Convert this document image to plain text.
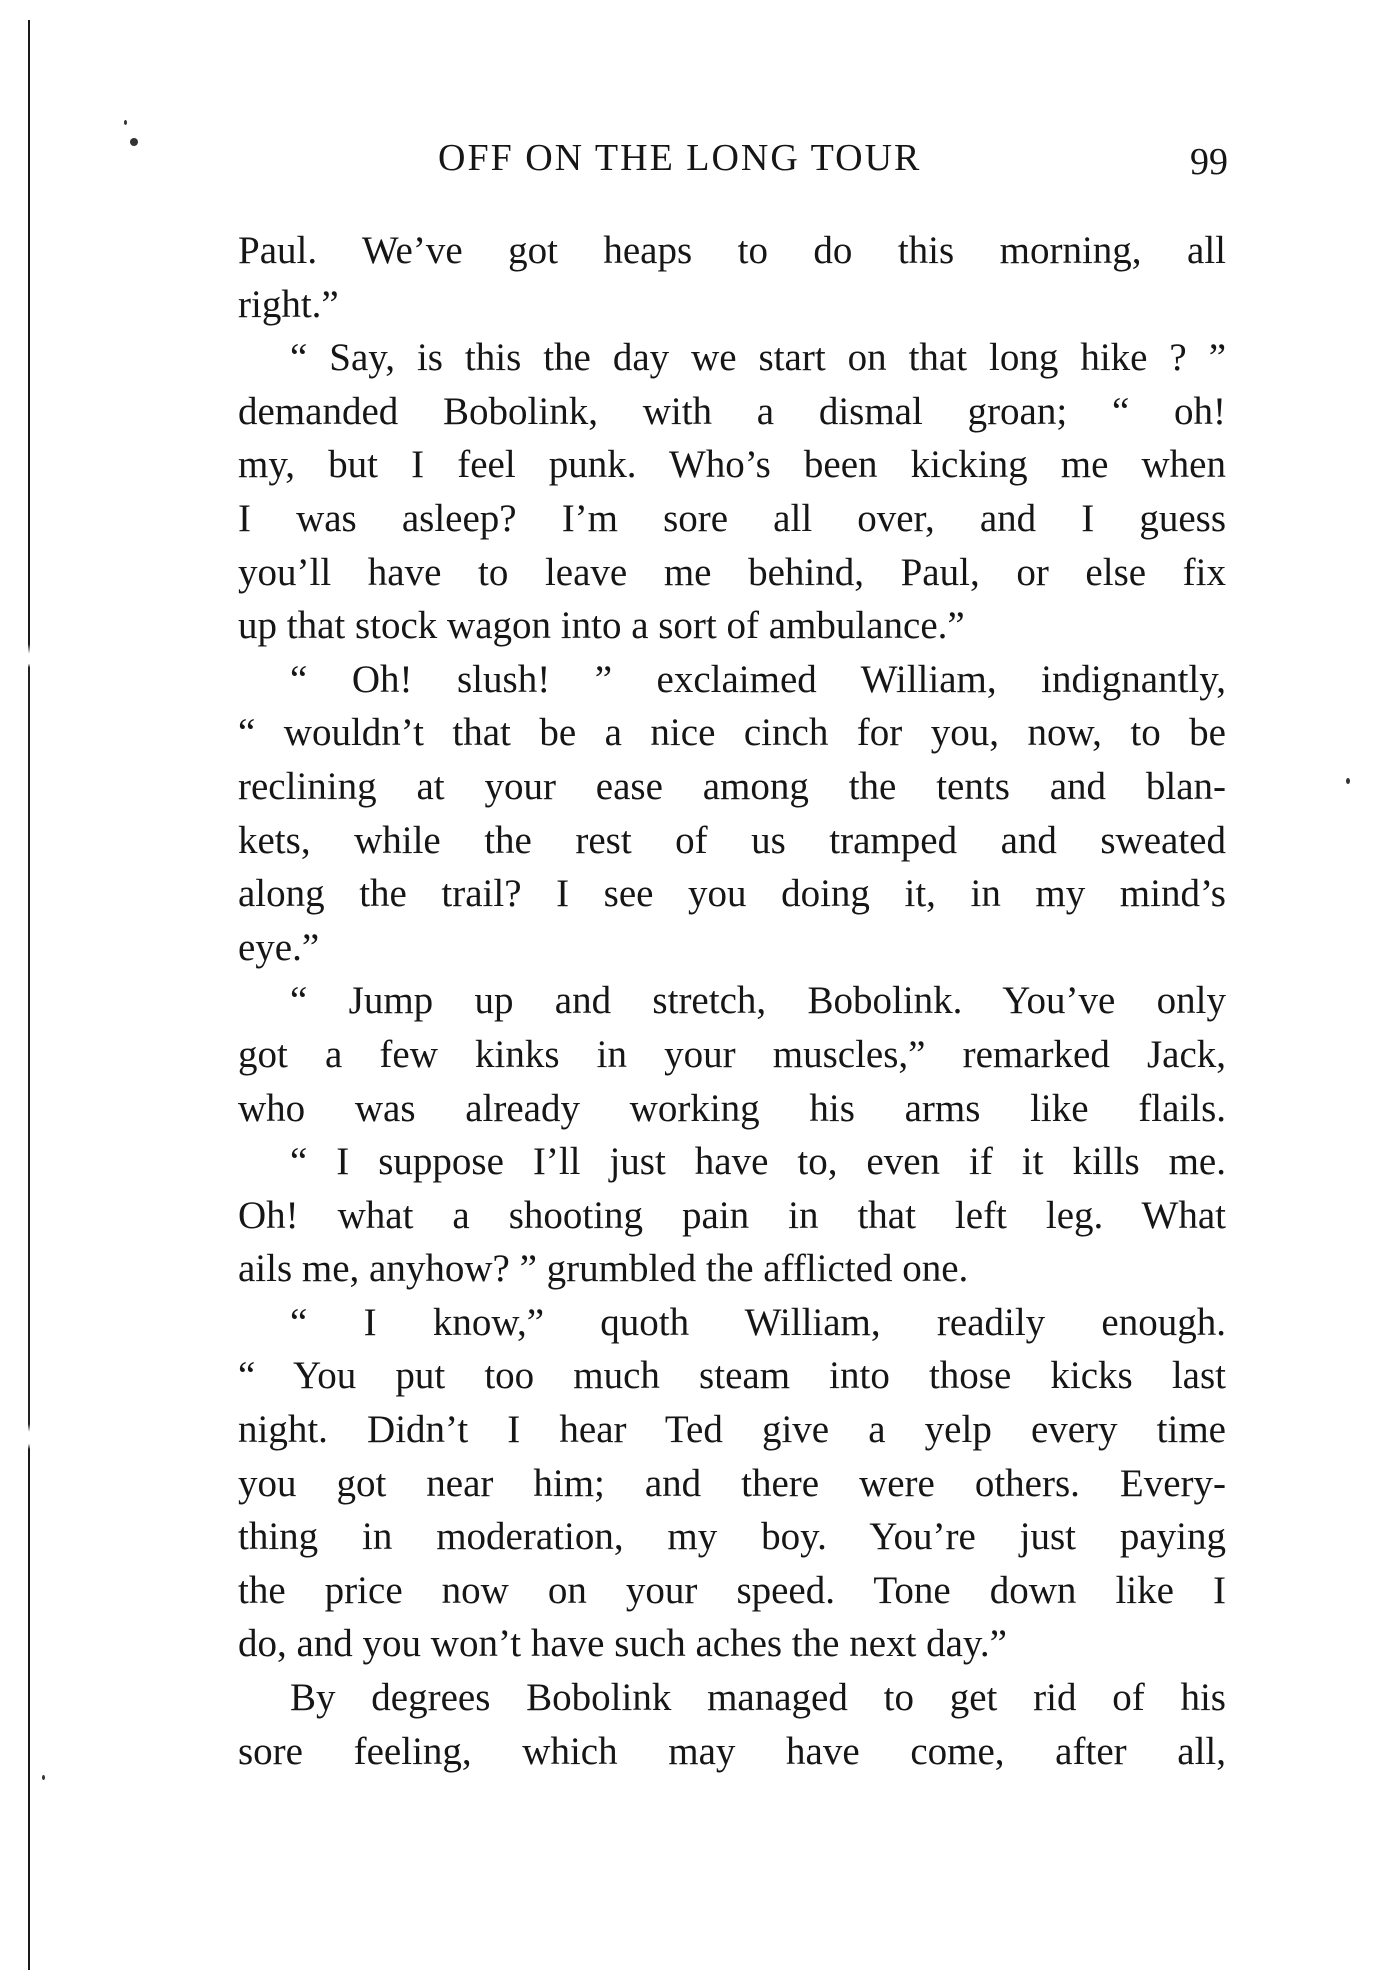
OFF ON THE LONG TOUR	99
Paul. We’ve got heaps to do this morning, all
right.”
“ Say, is this the day we start on that long hike ? ”
demanded Bobolink, with a dismal groan; “ oh!
my, but I feel punk. Who’s been kicking me when
I was asleep? I’m sore all over, and I guess
you’ll have to leave me behind, Paul, or else fix
up that stock wagon into a sort of ambulance.”
“ Oh! slush! ” exclaimed William, indignantly,
“ wouldn’t that be a nice cinch for you, now, to be
reclining at your ease among the tents and blan-
kets, while the rest of us tramped and sweated
along the trail? I see you doing it, in my mind’s
eye.”
“ Jump up and stretch, Bobolink. You’ve only
got a few kinks in your muscles,” remarked Jack,
who was already working his arms like flails.
“ I suppose I’ll just have to, even if it kills me.
Oh! what a shooting pain in that left leg. What
ails me, anyhow? ” grumbled the afflicted one.
“ I know,” quoth William, readily enough.
“ You put too much steam into those kicks last
night. Didn’t I hear Ted give a yelp every time
you got near him; and there were others. Every-
thing in moderation, my boy. You’re just paying
the price now on your speed. Tone down like I
do, and you won’t have such aches the next day.”
By degrees Bobolink managed to get rid of his
sore feeling, which may have come, after all,
